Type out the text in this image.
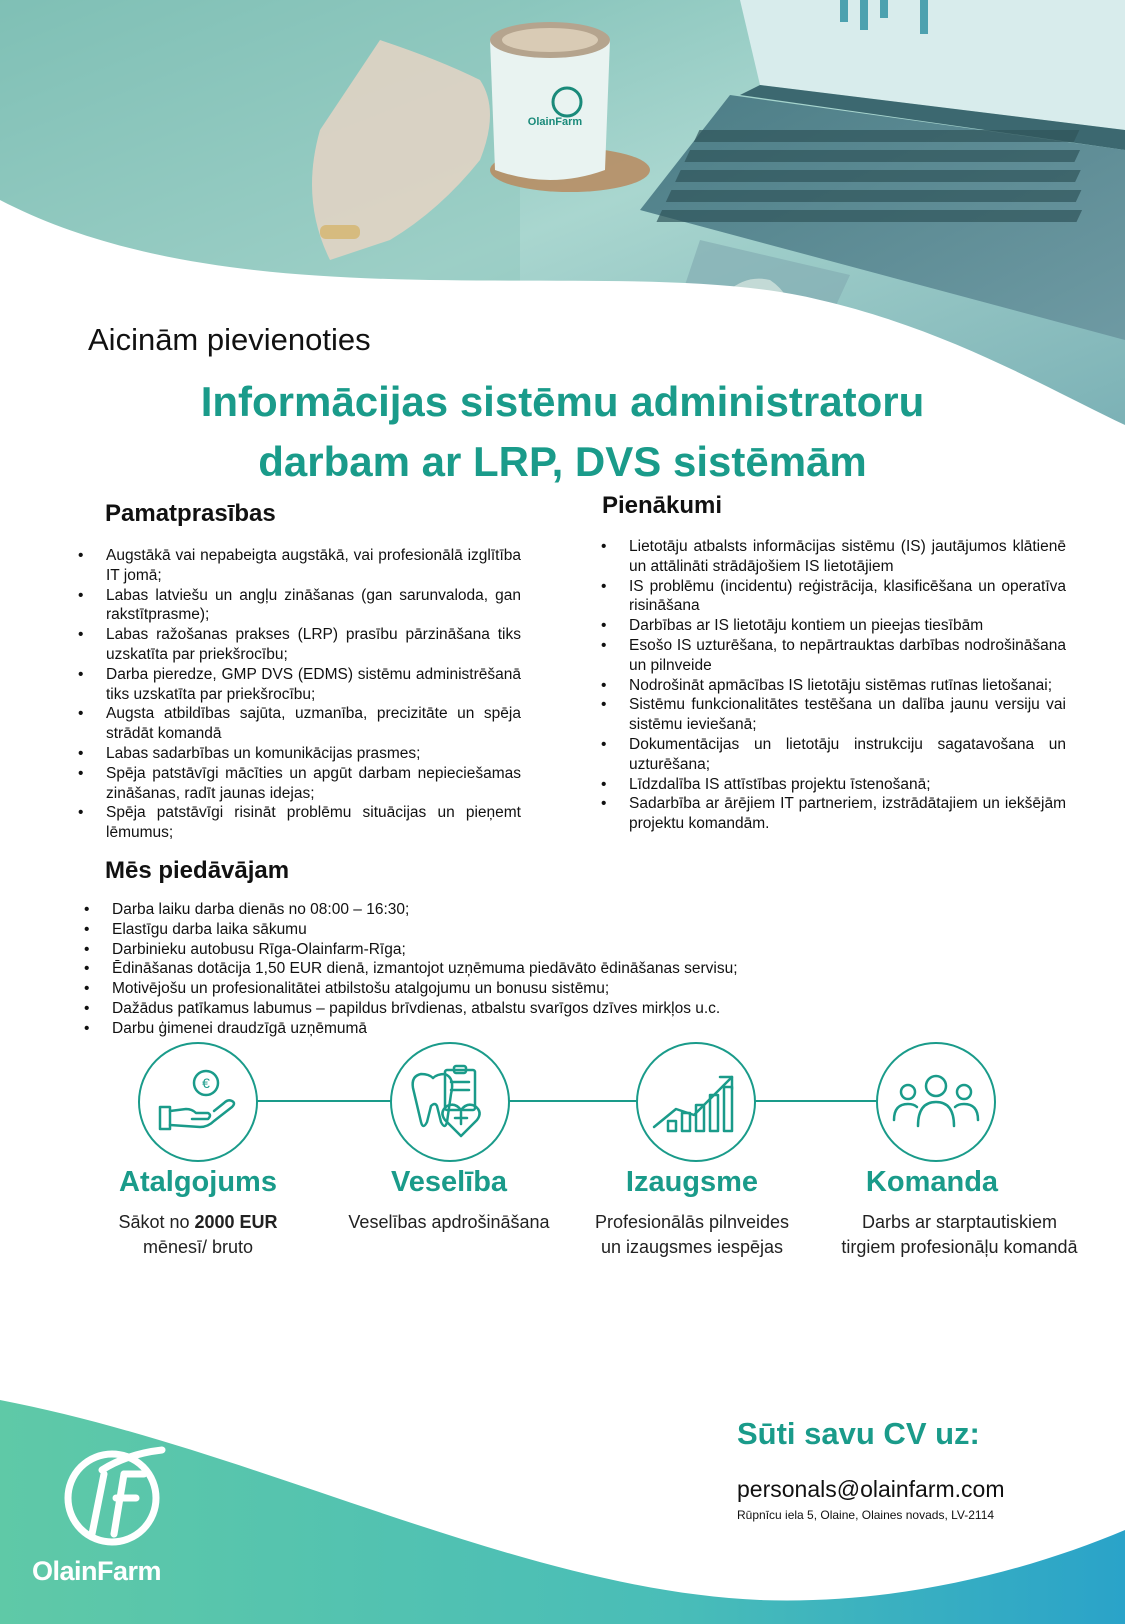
OlainFarm
Aicinām pievienoties
Informācijas sistēmu administratoru
darbam ar LRP, DVS sistēmām
Pamatprasības
• Augstākā vai nepabeigta augstākā, vai profesionālā izglītība IT jomā;
• Labas latviešu un angļu zināšanas (gan sarunvaloda, gan rakstītprasme);
• Labas ražošanas prakses (LRP) prasību pārzināšana tiks uzskatīta par priekšrocību;
• Darba pieredze, GMP DVS (EDMS) sistēmu administrēšanā tiks uzskatīta par priekšrocību;
• Augsta atbildības sajūta, uzmanība, precizitāte un spēja strādāt komandā
• Labas sadarbības un komunikācijas prasmes;
• Spēja patstāvīgi mācīties un apgūt darbam nepieciešamas zināšanas, radīt jaunas idejas;
• Spēja patstāvīgi risināt problēmu situācijas un pieņemt lēmumus;
Pienākumi
• Lietotāju atbalsts informācijas sistēmu (IS) jautājumos klātienē un attālināti strādājošiem IS lietotājiem
• IS problēmu (incidentu) reģistrācija, klasificēšana un operatīva risināšana
• Darbības ar IS lietotāju kontiem un pieejas tiesībām
• Esošo IS uzturēšana, to nepārtrauktas darbības nodrošināšana un pilnveide
• Nodrošināt apmācības IS lietotāju sistēmas rutīnas lietošanai;
• Sistēmu funkcionalitātes testēšana un dalība jaunu versiju vai sistēmu ieviešanā;
• Dokumentācijas un lietotāju instrukciju sagatavošana un uzturēšana;
• Līdzdalība IS attīstības projektu īstenošanā;
• Sadarbība ar ārējiem IT partneriem, izstrādātajiem un iekšējām projektu komandām.
Mēs piedāvājam
• Darba laiku darba dienās no 08:00 – 16:30;
• Elastīgu darba laika sākumu
• Darbinieku autobusu Rīga-Olainfarm-Rīga;
• Ēdināšanas dotācija 1,50 EUR dienā, izmantojot uzņēmuma piedāvāto ēdināšanas servisu;
• Motivējošu un profesionalitātei atbilstošu atalgojumu un bonusu sistēmu;
• Dažādus patīkamus labumus – papildus brīvdienas, atbalstu svarīgos dzīves mirkļos u.c.
• Darbu ģimenei draudzīgā uzņēmumā
€
Atalgojums

Sākot no 2000 EUR
mēnesī/ bruto

Veselība

Veselības apdrošināšana

Izaugsme

Profesionālās pilnveides
un izaugsmes iespējas

Komanda

Darbs ar starptautiskiem
tirgiem profesionāļu komandā

Sūti savu CV uz:
personals@olainfarm.com
Rūpnīcu iela 5, Olaine, Olaines novads, LV-2114
OlainFarm
